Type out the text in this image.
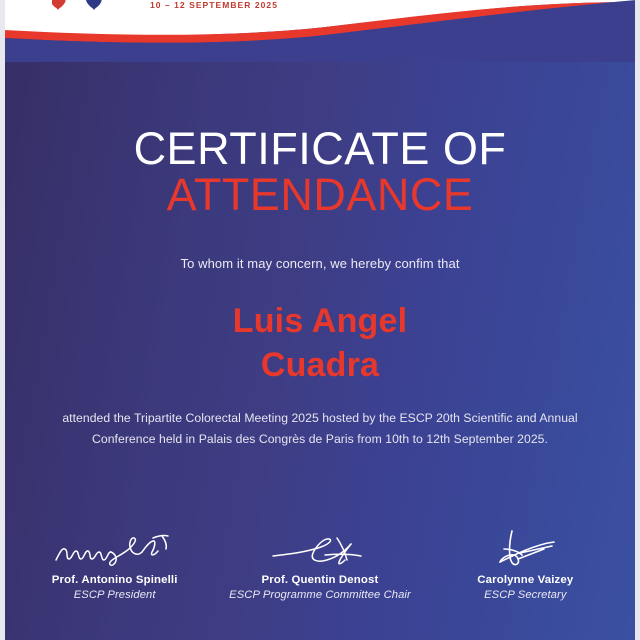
10 – 12 SEPTEMBER 2025
CERTIFICATE OF
ATTENDANCE
To whom it may concern, we hereby confim that
Luis Angel
Cuadra
attended the Tripartite Colorectal Meeting 2025 hosted by the ESCP 20th Scientific and Annual Conference held in Palais des Congrès de Paris from 10th to 12th September 2025.
Prof. Antonino Spinelli
ESCP President
Prof. Quentin Denost
ESCP Programme Committee Chair
Carolynne Vaizey
ESCP Secretary
